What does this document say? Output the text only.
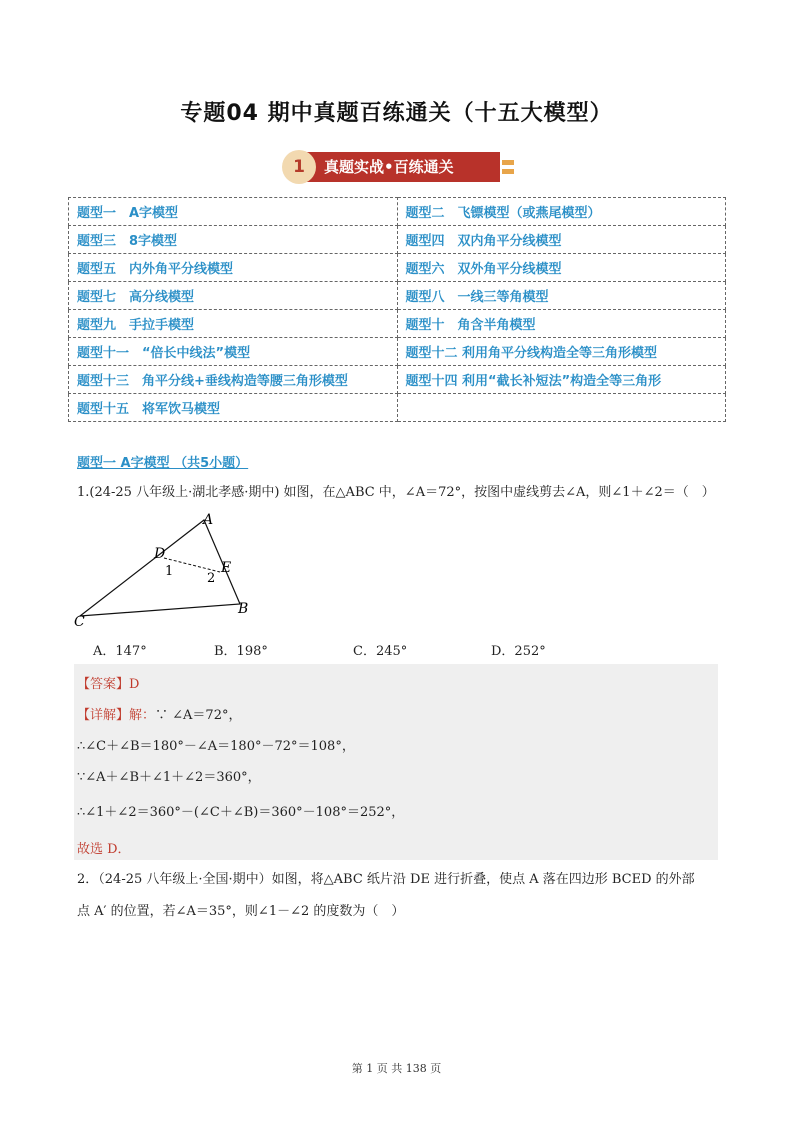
专题04 期中真题百练通关（十五大模型）
真题实战•百练通关
1
题型一　A字模型	题型二　飞镖模型（或燕尾模型）
题型三　8字模型	题型四　双内角平分线模型
题型五　内外角平分线模型	题型六　双外角平分线模型
题型七　高分线模型	题型八　一线三等角模型
题型九　手拉手模型	题型十　角含半角模型
题型十一　“倍长中线法”模型	题型十二 利用角平分线构造全等三角形模型
题型十三　角平分线+垂线构造等腰三角形模型	题型十四 利用“截长补短法”构造全等三角形
题型十五　将军饮马模型	
题型一 A字模型 （共5小题）
1.(24-25 八年级上·湖北孝感·期中) 如图，在△ABC 中，∠A＝72°，按图中虚线剪去∠A，则∠1＋∠2＝（　）
A
B
C
D
E
1	2
A．147°	B．198°	C．245°	D．252°
【答案】D
【详解】解：∵ ∠A＝72°，
∴∠C＋∠B＝180°－∠A＝180°－72°＝108°，
∵∠A＋∠B＋∠1＋∠2＝360°，
∴∠1＋∠2＝360°－(∠C＋∠B)＝360°－108°＝252°，
故选 D．
2．（24-25 八年级上·全国·期中）如图，将△ABC 纸片沿 DE 进行折叠，使点 A 落在四边形 BCED 的外部
点 A′ 的位置，若∠A＝35°，则∠1－∠2 的度数为（　）
第 1 页 共 138 页
